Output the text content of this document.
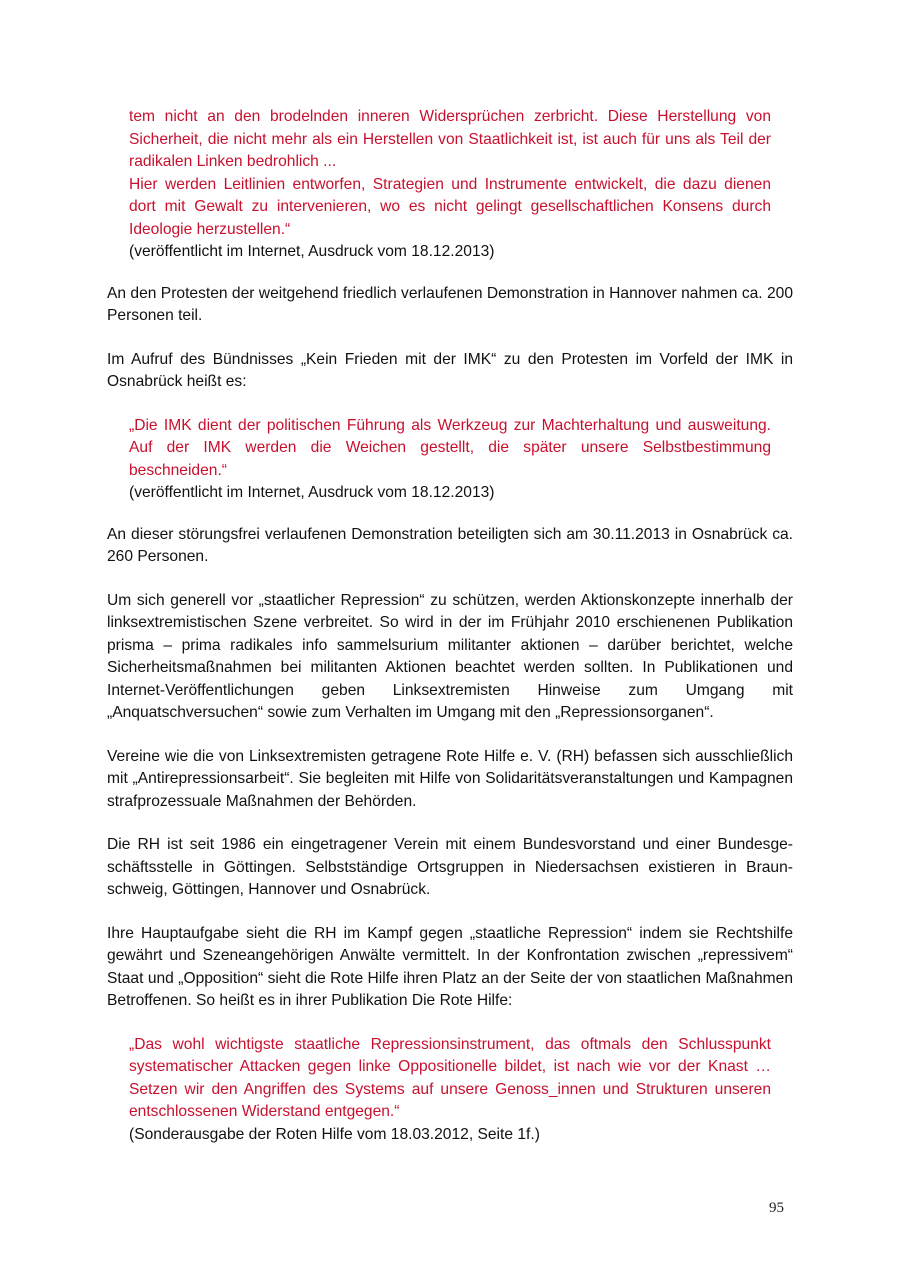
tem nicht an den brodelnden inneren Widersprüchen zerbricht. Diese Herstellung von Sicherheit, die nicht mehr als ein Herstellen von Staatlichkeit ist, ist auch für uns als Teil der radikalen Linken bedrohlich ...

Hier werden Leitlinien entworfen, Strategien und Instrumente entwickelt, die dazu dienen dort mit Gewalt zu intervenieren, wo es nicht gelingt gesellschaftlichen Konsens durch Ideologie herzustellen.“

(veröffentlicht im Internet, Ausdruck vom 18.12.2013)

An den Protesten der weitgehend friedlich verlaufenen Demonstration in Hannover nahmen ca. 200 Personen teil.

Im Aufruf des Bündnisses „Kein Frieden mit der IMK“ zu den Protesten im Vorfeld der IMK in Osnabrück heißt es:

„Die IMK dient der politischen Führung als Werkzeug zur Machterhaltung und ausweitung. Auf der IMK werden die Weichen gestellt, die später unsere Selbstbestimmung beschneiden.“

(veröffentlicht im Internet, Ausdruck vom 18.12.2013)

An dieser störungsfrei verlaufenen Demonstration beteiligten sich am 30.11.2013 in Osnabrück ca. 260 Personen.

Um sich generell vor „staatlicher Repression“ zu schützen, werden Aktionskonzepte innerhalb der linksextremistischen Szene verbreitet. So wird in der im Frühjahr 2010 erschienenen Publikation prisma – prima radikales info sammelsurium militanter aktionen – darüber berichtet, welche Sicherheitsmaßnahmen bei militanten Aktionen beachtet werden sollten. In Publikationen und Internet-Veröffentlichungen geben Linksextremisten Hinweise zum Umgang mit „Anquatschversuchen“ sowie zum Verhalten im Umgang mit den „Repressionsorganen“.

Vereine wie die von Linksextremisten getragene Rote Hilfe e. V. (RH) befassen sich ausschließlich mit „Antirepressionsarbeit“. Sie begleiten mit Hilfe von Solidaritätsveranstaltungen und Kampagnen strafprozessuale Maßnahmen der Behörden.

Die RH ist seit 1986 ein eingetragener Verein mit einem Bundesvorstand und einer Bundesgeschäftsstelle in Göttingen. Selbstständige Ortsgruppen in Niedersachsen existieren in Braunschweig, Göttingen, Hannover und Osnabrück.

Ihre Hauptaufgabe sieht die RH im Kampf gegen „staatliche Repression“ indem sie Rechtshilfe gewährt und Szeneangehörigen Anwälte vermittelt. In der Konfrontation zwischen „repressivem“ Staat und „Opposition“ sieht die Rote Hilfe ihren Platz an der Seite der von staatlichen Maßnahmen Betroffenen. So heißt es in ihrer Publikation Die Rote Hilfe:

„Das wohl wichtigste staatliche Repressionsinstrument, das oftmals den Schlusspunkt systematischer Attacken gegen linke Oppositionelle bildet, ist nach wie vor der Knast … Setzen wir den Angriffen des Systems auf unsere Genoss_innen und Strukturen unseren entschlossenen Widerstand entgegen.“

(Sonderausgabe der Roten Hilfe vom 18.03.2012, Seite 1f.)
95
